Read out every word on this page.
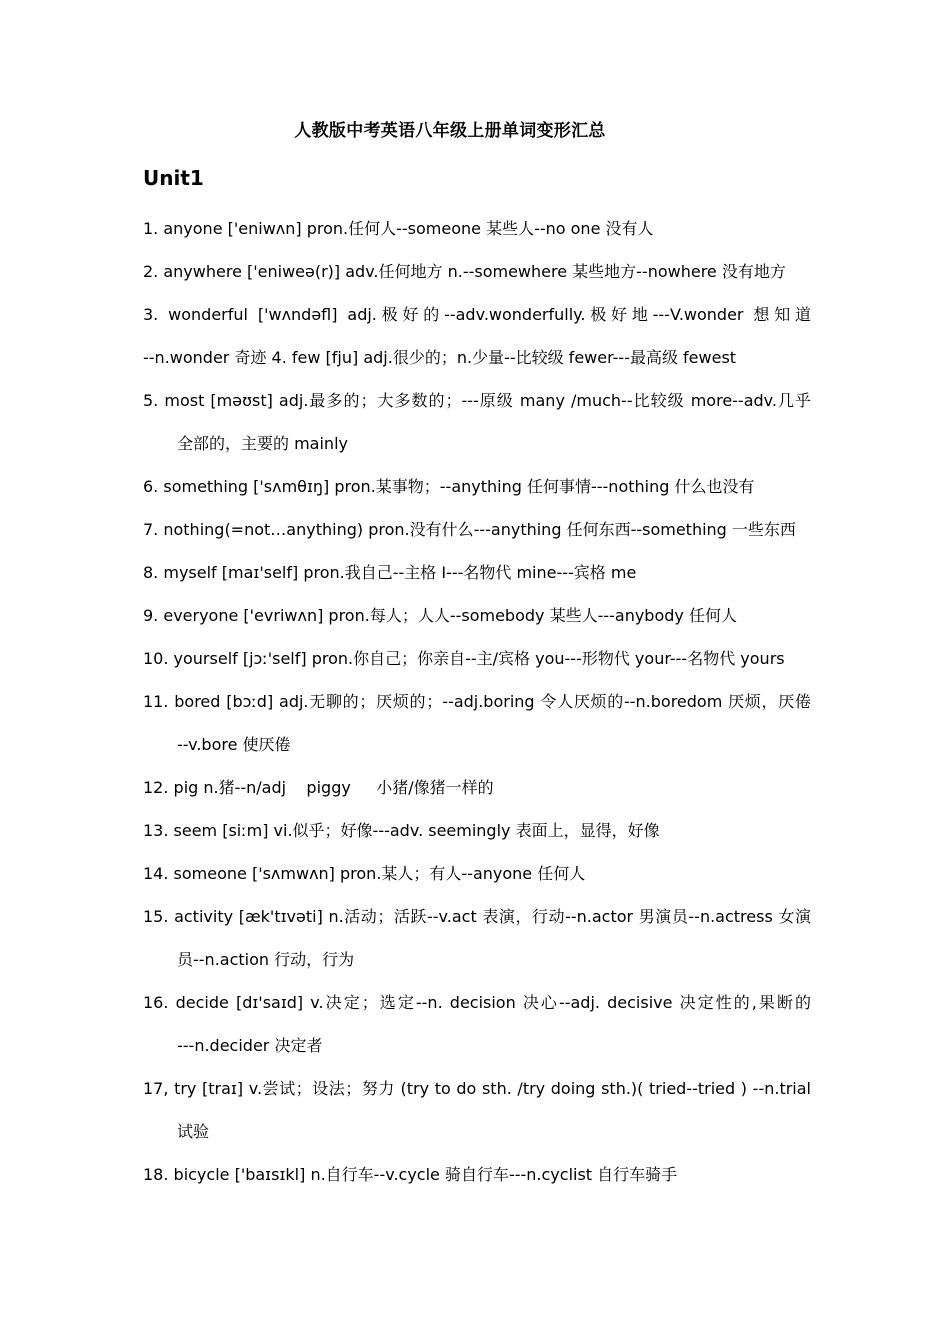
人教版中考英语八年级上册单词变形汇总
Unit1
1. anyone ['eniwʌn] pron.任何人--someone 某些人--no one 没有人
2. anywhere ['eniweə(r)] adv.任何地方 n.--somewhere 某些地方--nowhere 没有地方
3. wonderful ['wʌndəfl] adj.极好的--adv.wonderfully.极好地---V.wonder 想知道
--n.wonder 奇迹 4. few [fju] adj.很少的；n.少量--比较级 fewer---最高级 fewest
5. most [məʊst] adj.最多的；大多数的；---原级 many /much--比较级 more--adv.几乎
全部的，主要的 mainly
6. something ['sʌmθɪŋ] pron.某事物；--anything 任何事情---nothing 什么也没有
7. nothing(=not…anything) pron.没有什么---anything 任何东西--something 一些东西
8. myself [maɪ'self] pron.我自己--主格 I---名物代 mine---宾格 me
9. everyone ['evriwʌn] pron.每人；人人--somebody 某些人---anybody 任何人
10. yourself [jɔː'self] pron.你自己；你亲自--主/宾格 you---形物代 your---名物代 yours
11. bored [bɔːd] adj.无聊的；厌烦的；--adj.boring 令人厌烦的--n.boredom 厌烦，厌倦
--v.bore 使厌倦
12. pig n.猪--n/adj    piggy     小猪/像猪一样的
13. seem [siːm] vi.似乎；好像---adv. seemingly 表面上，显得，好像
14. someone ['sʌmwʌn] pron.某人；有人--anyone 任何人
15. activity [æk'tɪvəti] n.活动；活跃--v.act 表演，行动--n.actor 男演员--n.actress 女演
员--n.action 行动，行为
16. decide [dɪ'saɪd] v.决定；选定--n. decision 决心--adj. decisive 决定性的,果断的
---n.decider 决定者
17, try [traɪ] v.尝试；设法；努力 (try to do sth. /try doing sth.)( tried--tried ) --n.trial
试验
18. bicycle ['baɪsɪkl] n.自行车--v.cycle 骑自行车---n.cyclist 自行车骑手
